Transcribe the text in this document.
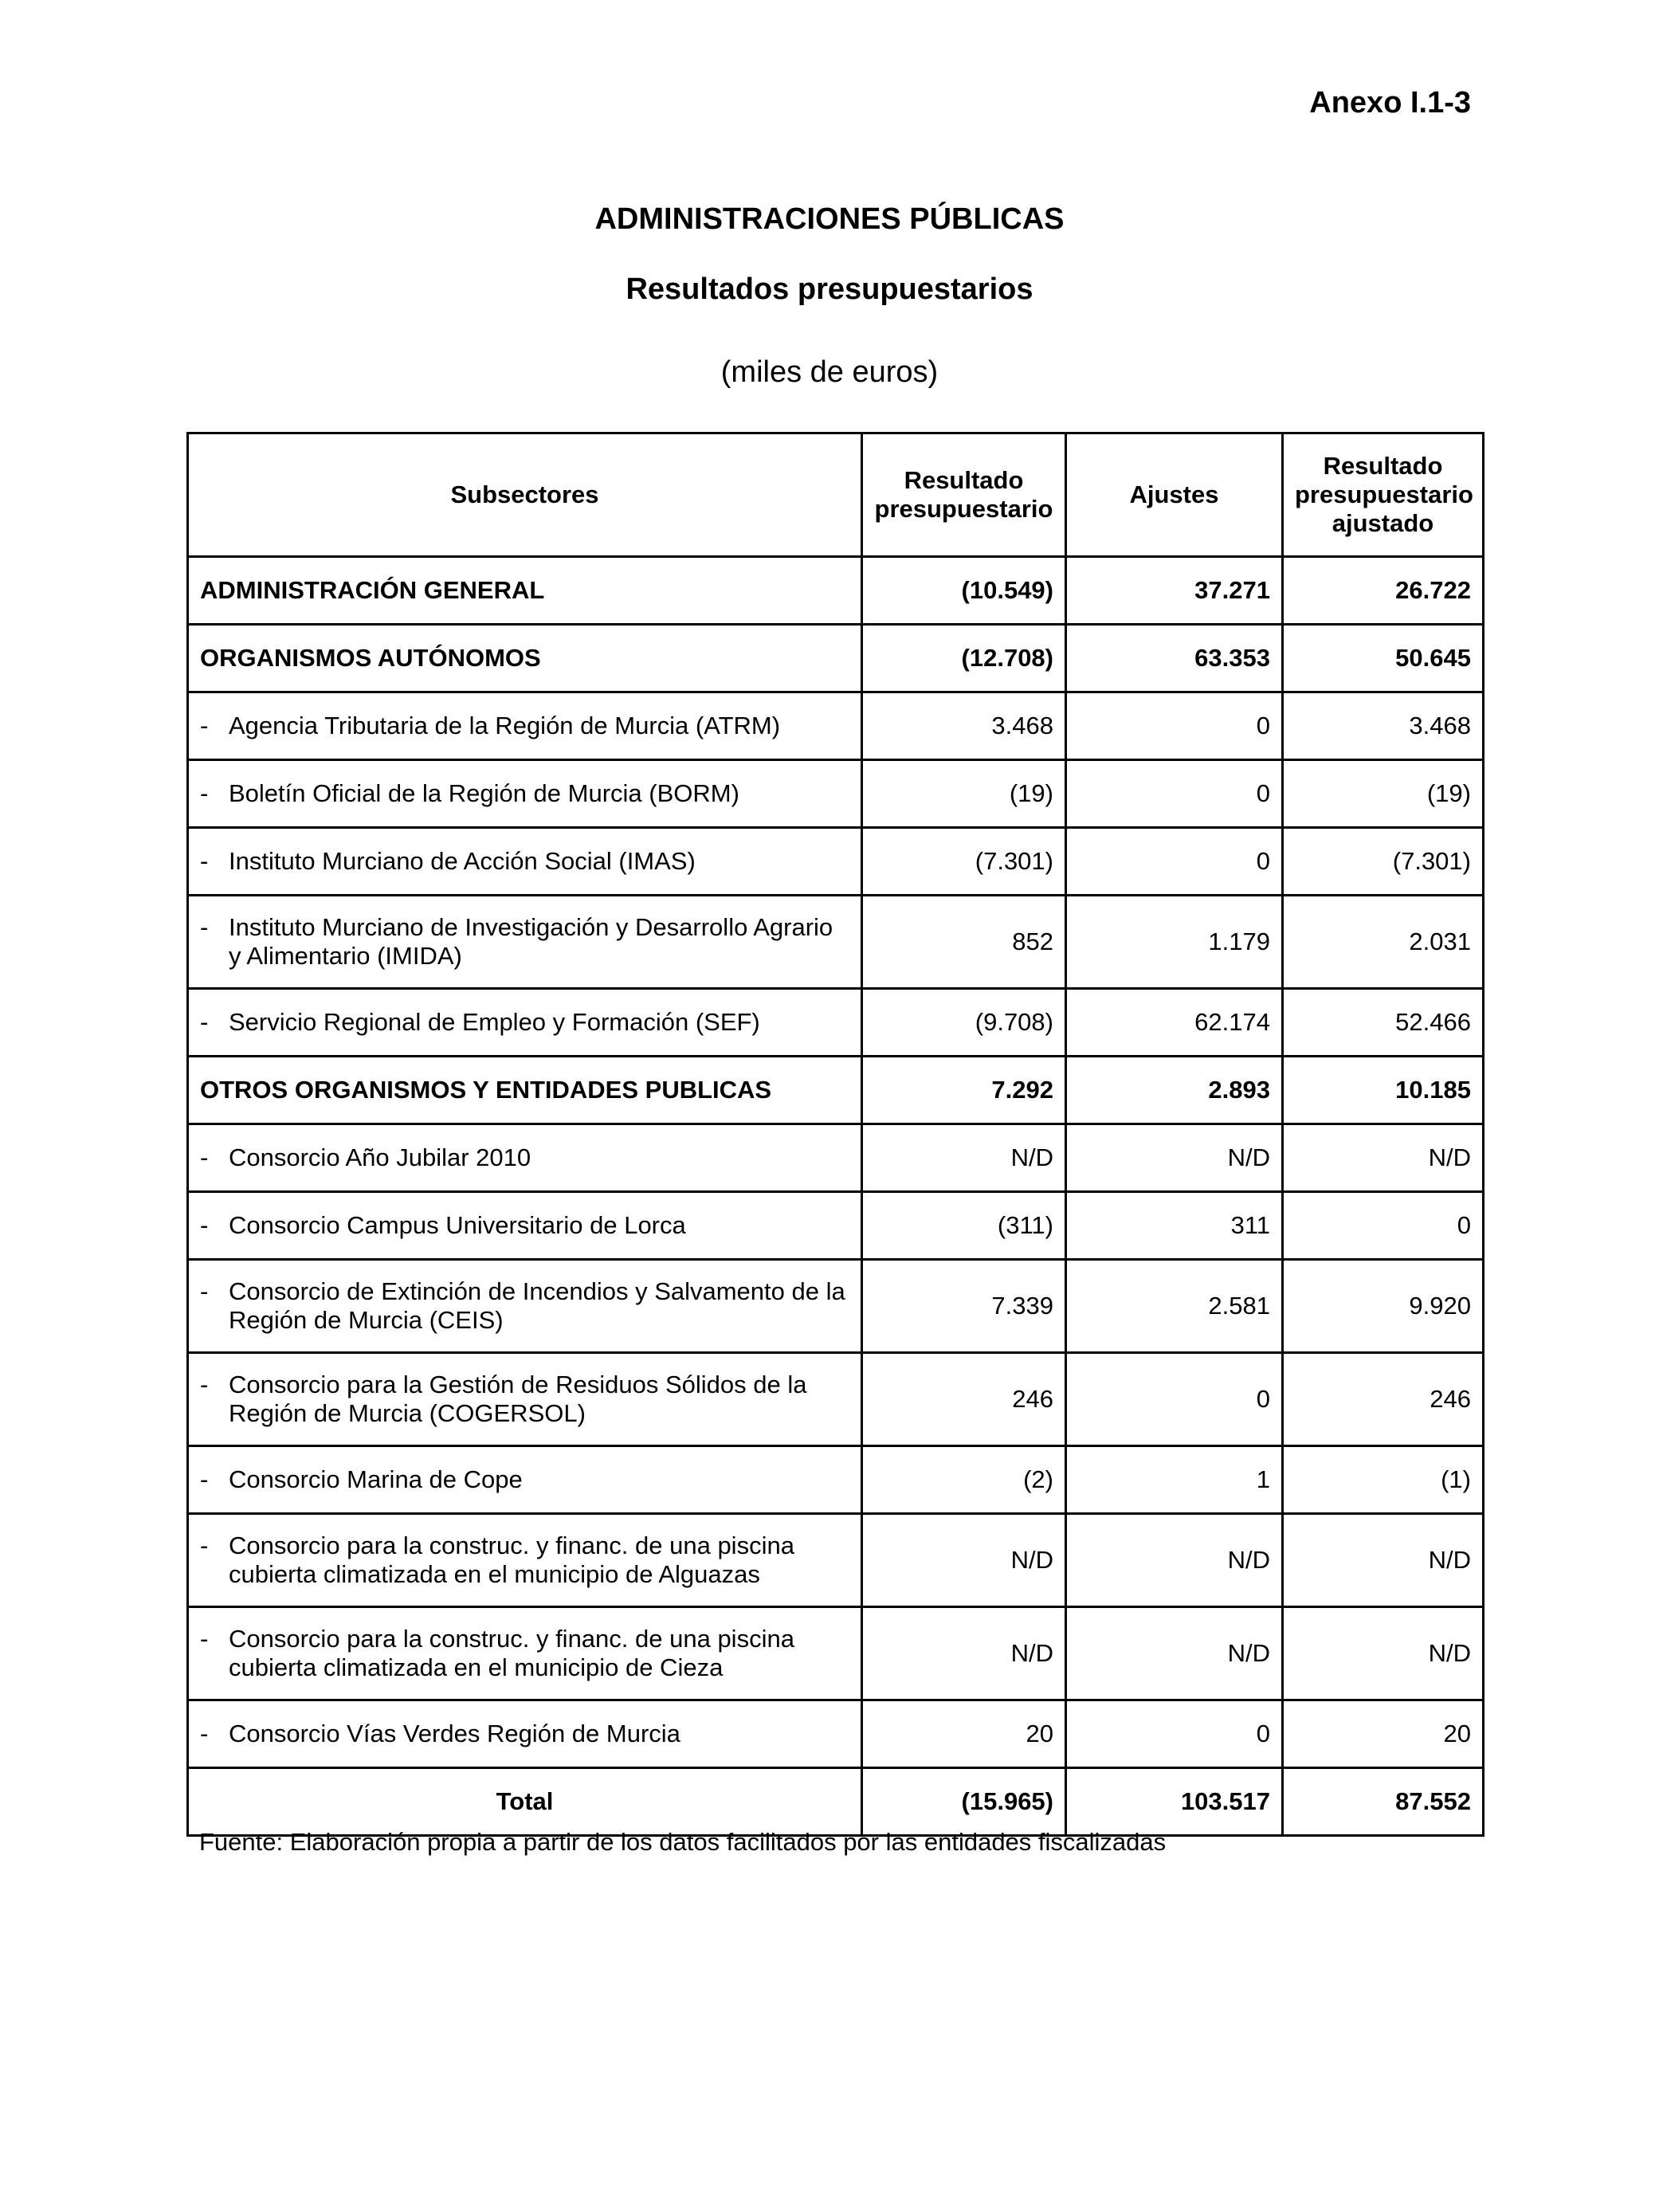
Anexo I.1-3
ADMINISTRACIONES PÚBLICAS
Resultados presupuestarios
(miles de euros)
Subsectores	Resultado presupuestario	Ajustes	Resultado presupuestario ajustado
ADMINISTRACIÓN GENERAL	(10.549)	37.271	26.722
ORGANISMOS AUTÓNOMOS	(12.708)	63.353	50.645

- Agencia Tributaria de la Región de Murcia (ATRM)	3.468	0	3.468

- Boletín Oficial de la Región de Murcia (BORM)	(19)	0	(19)

- Instituto Murciano de Acción Social (IMAS)	(7.301)	0	(7.301)

- Instituto Murciano de Investigación y Desarrollo Agrario y Alimentario (IMIDA)	852	1.179	2.031

- Servicio Regional de Empleo y Formación (SEF)	(9.708)	62.174	52.466
OTROS ORGANISMOS Y ENTIDADES PUBLICAS	7.292	2.893	10.185

- Consorcio Año Jubilar 2010	N/D	N/D	N/D

- Consorcio Campus Universitario de Lorca	(311)	311	0

- Consorcio de Extinción de Incendios y Salvamento de la Región de Murcia (CEIS)	7.339	2.581	9.920

- Consorcio para la Gestión de Residuos Sólidos de la Región de Murcia (COGERSOL)	246	0	246

- Consorcio Marina de Cope	(2)	1	(1)

- Consorcio para la construc. y financ. de una piscina cubierta climatizada en el municipio de Alguazas	N/D	N/D	N/D

- Consorcio para la construc. y financ. de una piscina cubierta climatizada en el municipio de Cieza	N/D	N/D	N/D

- Consorcio Vías Verdes Región de Murcia	20	0	20
Total	(15.965)	103.517	87.552
Fuente: Elaboración propia a partir de los datos facilitados por las entidades fiscalizadas
